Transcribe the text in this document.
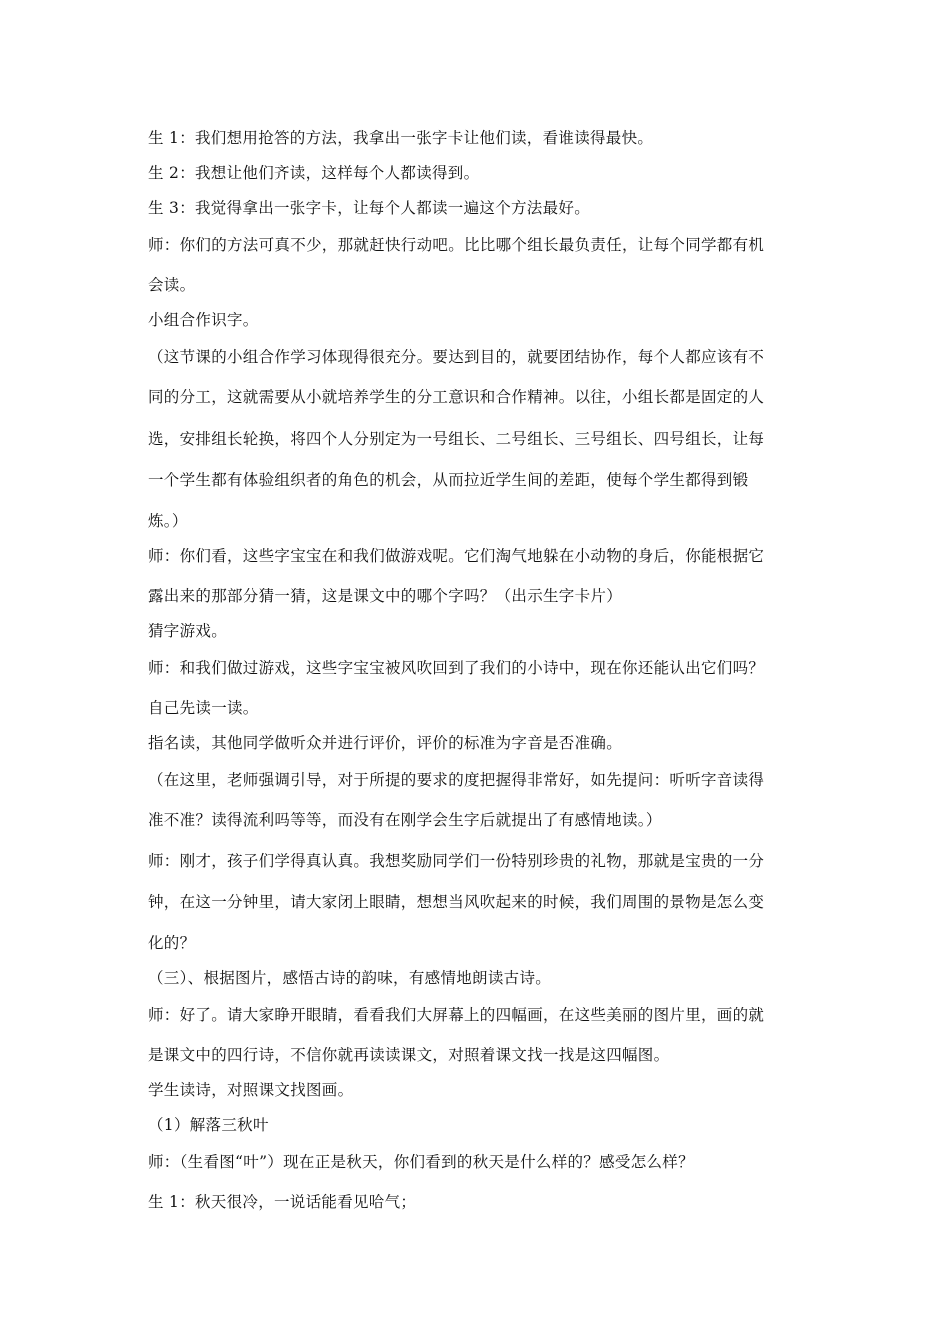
生 1：我们想用抢答的方法，我拿出一张字卡让他们读，看谁读得最快。
生 2：我想让他们齐读，这样每个人都读得到。
生 3：我觉得拿出一张字卡，让每个人都读一遍这个方法最好。
师：你们的方法可真不少，那就赶快行动吧。比比哪个组长最负责任，让每个同学都有机
会读。
小组合作识字。
（这节课的小组合作学习体现得很充分。要达到目的，就要团结协作，每个人都应该有不
同的分工，这就需要从小就培养学生的分工意识和合作精神。以往，小组长都是固定的人
选，安排组长轮换，将四个人分别定为一号组长、二号组长、三号组长、四号组长，让每
一个学生都有体验组织者的角色的机会，从而拉近学生间的差距，使每个学生都得到锻
炼。）
师：你们看，这些字宝宝在和我们做游戏呢。它们淘气地躲在小动物的身后，你能根据它
露出来的那部分猜一猜，这是课文中的哪个字吗？（出示生字卡片）
猜字游戏。
师：和我们做过游戏，这些字宝宝被风吹回到了我们的小诗中，现在你还能认出它们吗？
自己先读一读。
指名读，其他同学做听众并进行评价，评价的标准为字音是否准确。
（在这里，老师强调引导，对于所提的要求的度把握得非常好，如先提问：听听字音读得
准不准？读得流利吗等等，而没有在刚学会生字后就提出了有感情地读。）
师：刚才，孩子们学得真认真。我想奖励同学们一份特别珍贵的礼物，那就是宝贵的一分
钟，在这一分钟里，请大家闭上眼睛，想想当风吹起来的时候，我们周围的景物是怎么变
化的？
（三）、根据图片，感悟古诗的韵味，有感情地朗读古诗。
师：好了。请大家睁开眼睛，看看我们大屏幕上的四幅画，在这些美丽的图片里，画的就
是课文中的四行诗，不信你就再读读课文，对照着课文找一找是这四幅图。
学生读诗，对照课文找图画。
（1）解落三秋叶
师：（生看图“叶”）现在正是秋天，你们看到的秋天是什么样的？感受怎么样？
生 1：秋天很冷，一说话能看见哈气；
